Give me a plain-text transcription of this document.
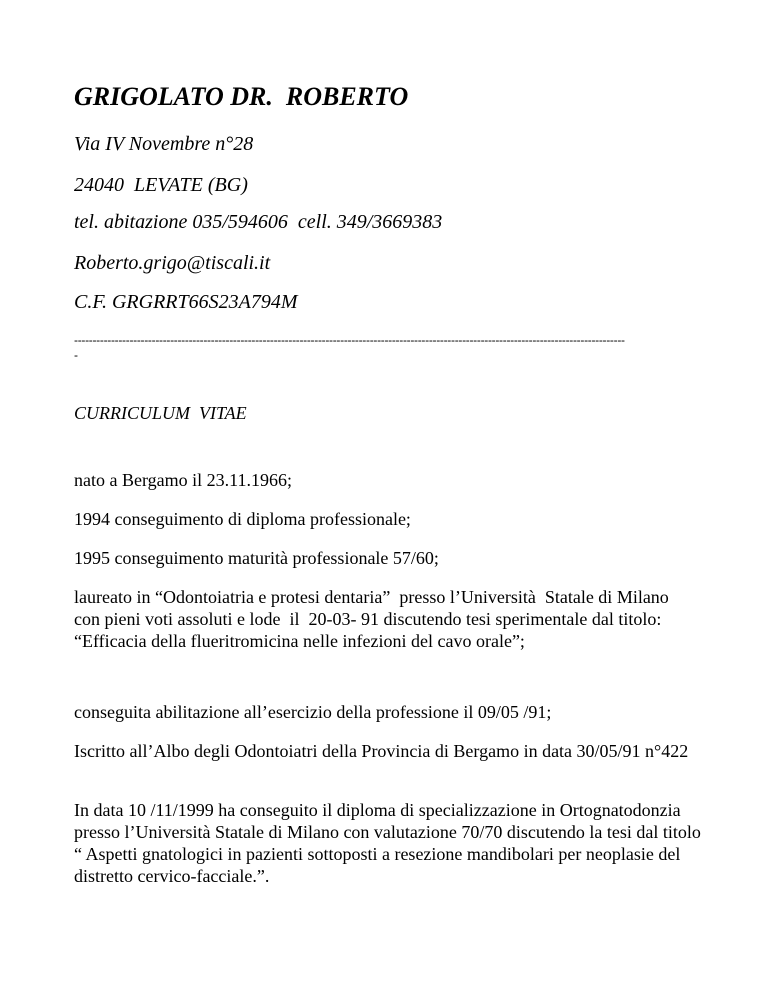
GRIGOLATO DR.  ROBERTO
Via IV Novembre n°28
24040  LEVATE (BG)
tel. abitazione 035/594606  cell. 349/3669383
Roberto.grigo@tiscali.it
C.F. GRGRRT66S23A794M
-----------------------------------------------------------------------------------------------------------------------------------------------------
-
CURRICULUM  VITAE
nato a Bergamo il 23.11.1966;
1994 conseguimento di diploma professionale;
1995 conseguimento maturità professionale 57/60;
laureato in “Odontoiatria e protesi dentaria”  presso l’Università  Statale di Milano   con pieni voti assoluti e lode  il  20-03- 91 discutendo tesi sperimentale dal titolo: “Efficacia della flueritromicina nelle infezioni del cavo orale”;
conseguita abilitazione all’esercizio della professione il 09/05 /91;
Iscritto all’Albo degli Odontoiatri della Provincia di Bergamo in data 30/05/91 n°422
In data 10 /11/1999 ha conseguito il diploma di specializzazione in Ortognatodonzia presso l’Università Statale di Milano con valutazione 70/70 discutendo la tesi dal titolo “ Aspetti gnatologici in pazienti sottoposti a resezione mandibolari per neoplasie del distretto cervico-facciale.”.
